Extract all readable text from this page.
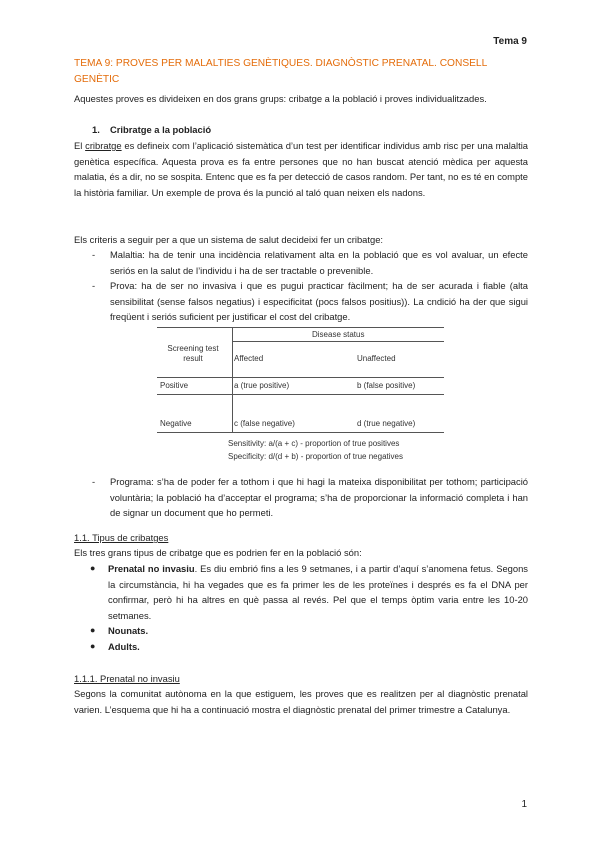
Tema 9
TEMA 9: PROVES PER MALALTIES GENÈTIQUES. DIAGNÒSTIC PRENATAL. CONSELL GENÈTIC

Aquestes proves es divideixen en dos grans grups: cribatge a la població i proves individualitzades.

1. Cribratge a la població

El cribratge es defineix com l’aplicació sistemàtica d’un test per identificar individus amb risc per una malaltia genètica específica. Aquesta prova es fa entre persones que no han buscat atenció mèdica per aquesta malatia, és a dir, no se sospita. Entenc que es fa per detecció de casos random. Per tant, no es té en compte la història familiar. Un exemple de prova és la punció al taló quan neixen els nadons.

Els criteris a seguir per a que un sistema de salut decideixi fer un cribatge:

- Malaltia: ha de tenir una incidència relativament alta en la població que es vol avaluar, un efecte seriós en la salut de l’individu i ha de ser tractable o prevenible.
- Prova: ha de ser no invasiva i que es pugui practicar fàcilment; ha de ser acurada i fiable (alta sensibilitat (sense falsos negatius) i especificitat (pocs falsos positius)). La cndició ha der que sigui freqüent i seriós suficient per justificar el cost del cribatge.
Disease status
Screening test result	Affected	Unaffected
Positive	a (true positive)	b (false positive)
Negative	c (false negative)	d (true negative)
Sensitivity: a/(a + c) - proportion of true positives
Specificity: d/(d + b) - proportion of true negatives
- Programa: s’ha de poder fer a tothom i que hi hagi la mateixa disponibilitat per tothom; participació voluntària; la població ha d’acceptar el programa; s’ha de proporcionar la informació completa i han de signar un document que ho permeti.

1.1. Tipus de cribatges

Els tres grans tipus de cribatge que es podrien fer en la població són:

● Prenatal no invasiu. Es diu embrió fins a les 9 setmanes, i a partir d’aquí s’anomena fetus. Segons la circumstància, hi ha vegades que es fa primer les de les proteïnes i després es fa el DNA per confirmar, però hi ha altres en què passa al revés. Pel que el temps òptim varia entre les 10-20 setmanes.
● Nounats.
● Adults.

1.1.1. Prenatal no invasiu

Segons la comunitat autònoma en la que estiguem, les proves que es realitzen per al diagnòstic prenatal varien. L’esquema que hi ha a continuació mostra el diagnòstic prenatal del primer trimestre a Catalunya.

1
